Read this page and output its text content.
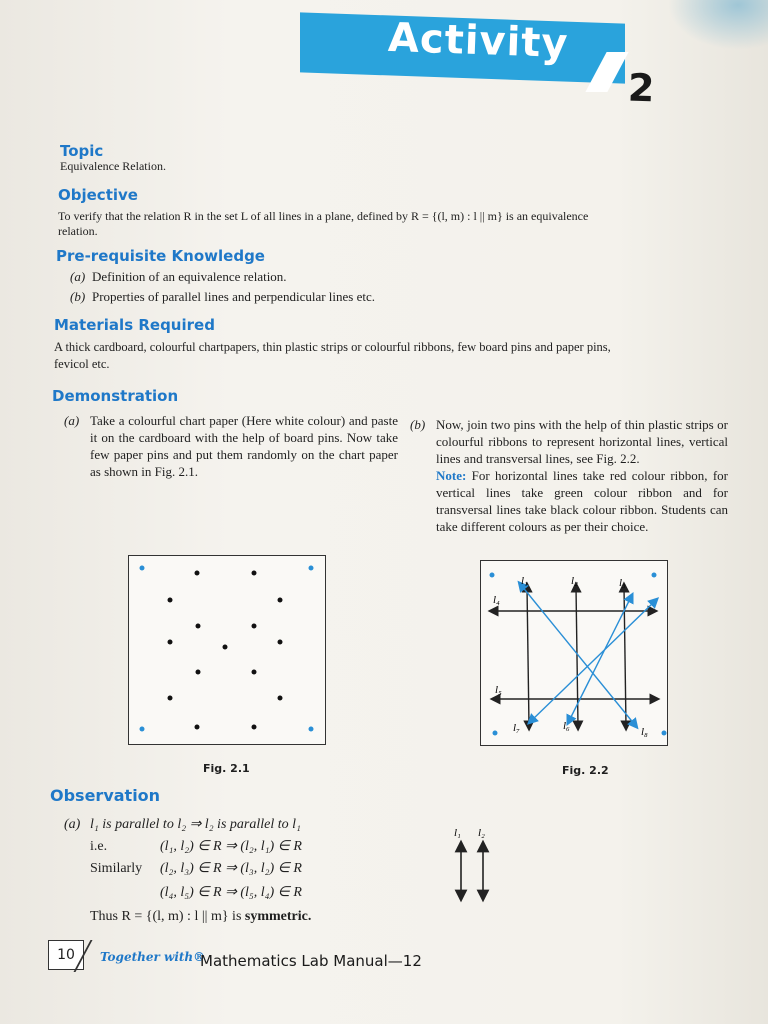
Activity
2
Topic
Equivalence Relation.
Objective
To verify that the relation R in the set L of all lines in a plane, defined by R = {(l, m) : l || m} is an equivalence
relation.
Pre-requisite Knowledge
(a) Definition of an equivalence relation.
(b) Properties of parallel lines and perpendicular lines etc.
Materials Required
A thick cardboard, colourful chartpapers, thin plastic strips or colourful ribbons, few board pins and paper pins,
fevicol etc.
Demonstration
(a) Take a colourful chart paper (Here white colour) and paste it on the cardboard with the help of board pins. Now take few paper pins and put them randomly on the chart paper as shown in Fig. 2.1.
(b) Now, join two pins with the help of thin plastic strips or colourful ribbons to represent horizontal lines, vertical lines and transversal lines, see Fig. 2.2.
Note: For horizontal lines take red colour ribbon, for vertical lines take green colour ribbon and for transversal lines take black colour ribbon. Students can take different colours as per their choice.
Fig. 2.1
l₁	l₂	l₃
l₄
l₅
l₆
l₇	l₈
Fig. 2.2
Observation
(a) l₁ is parallel to l₂ ⇒ l₂ is parallel to l₁
i.e.	(l₁, l₂) ∈ R ⇒ (l₂, l₁) ∈ R
Similarly (l₂, l₃) ∈ R ⇒ (l₃, l₂) ∈ R
(l₄, l₅) ∈ R ⇒ (l₅, l₄) ∈ R
Thus R = {(l, m) : l || m} is symmetric.
l₁ l₂
10	Together with®
Mathematics Lab Manual—12
